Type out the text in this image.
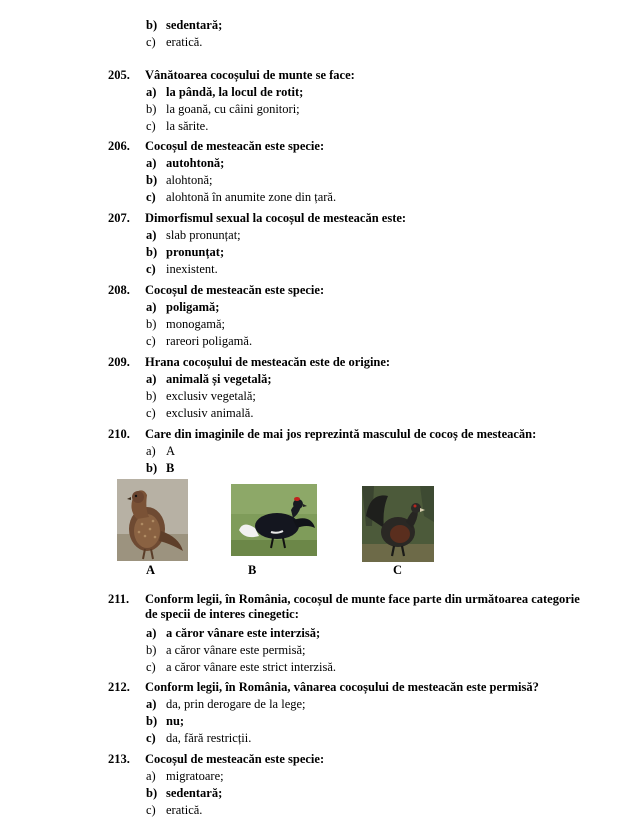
b) sedentară;
c) eratică.
205. Vânătoarea cocoșului de munte se face:
a) la pândă, la locul de rotit;
b) la goană, cu câini gonitori;
c) la sărite.
206. Cocoșul de mesteacăn este specie:
a) autohtonă;
b) alohtonă;
c) alohtonă în anumite zone din țară.
207. Dimorfismul sexual la cocoșul de mesteacăn este:
a) slab pronunțat;
b) pronunțat;
c) inexistent.
208. Cocoșul de mesteacăn este specie:
a) poligamă;
b) monogamă;
c) rareori poligamă.
209. Hrana cocoșului de mesteacăn este de origine:
a) animală și vegetală;
b) exclusiv vegetală;
c) exclusiv animală.
210. Care din imaginile de mai jos reprezintă masculul de cocoș de mesteacăn:
a) A
b) B
A	B	C
211. Conform legii, în România, cocoșul de munte face parte din următoarea categorie
de specii de interes cinegetic:
a) a căror vânare este interzisă;
b) a căror vânare este permisă;
c) a căror vânare este strict interzisă.
212. Conform legii, în România, vânarea cocoșului de mesteacăn este permisă?
a) da, prin derogare de la lege;
b) nu;
c) da, fără restricții.
213. Cocoșul de mesteacăn este specie:
a) migratoare;
b) sedentară;
c) eratică.
